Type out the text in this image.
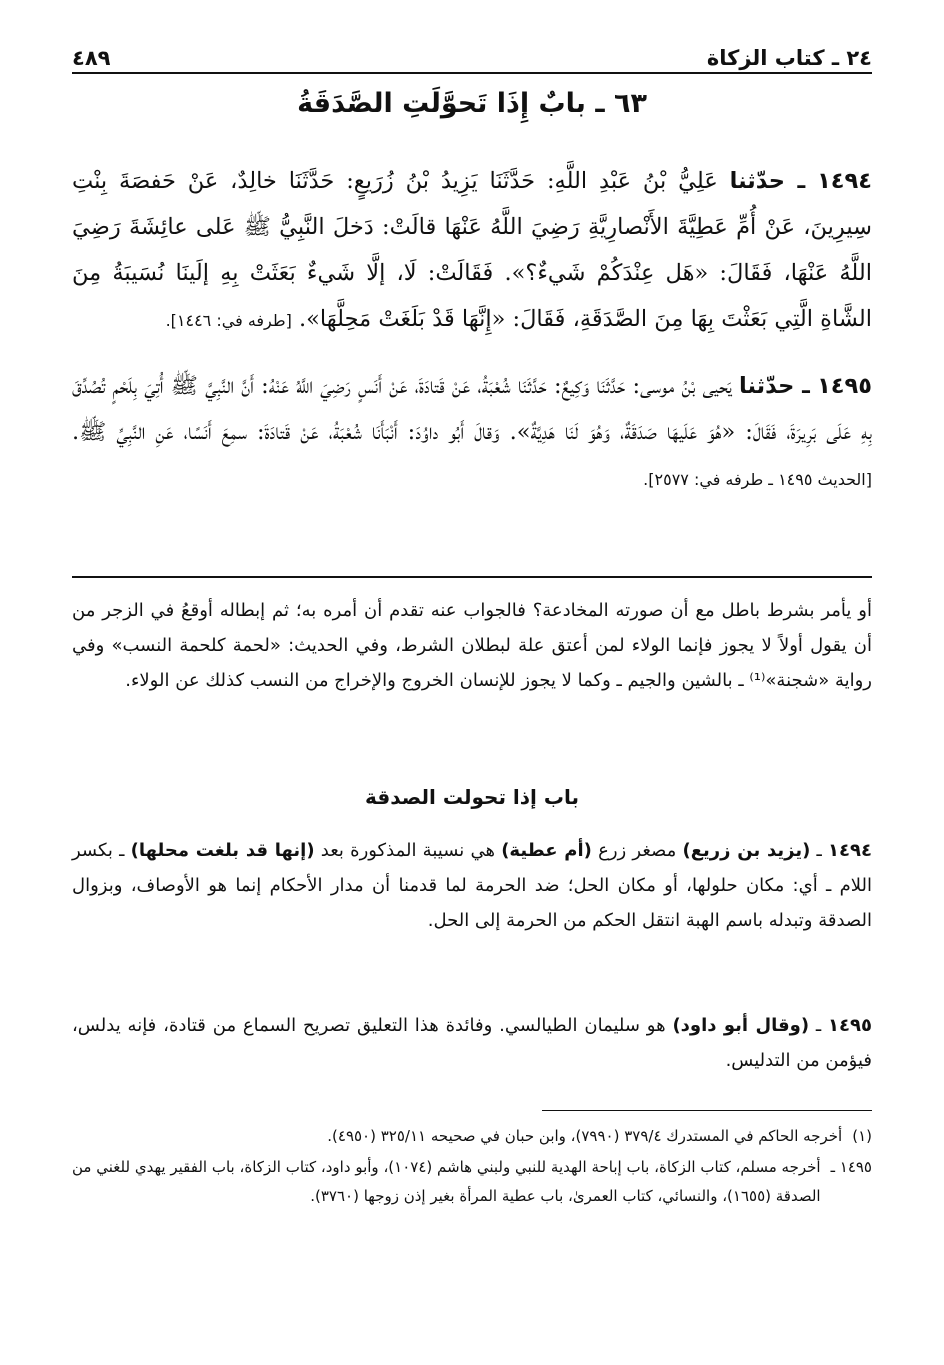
٢٤ ـ كتاب الزكاة
٤٨٩
٦٣ ـ بابٌ إِذَا تَحوَّلَتِ الصَّدَقَةُ
١٤٩٤ ـ حدّثنا عَلِيُّ بْنُ عَبْدِ اللَّهِ: حَدَّثَنَا يَزِيدُ بْنُ زُرَيعٍ: حَدَّثَنَا خالِدٌ، عَنْ حَفصَةَ بِنْتِ سِيرِينَ، عَنْ أُمِّ عَطِيَّةَ الأَنْصارِيَّةِ رَضِيَ اللَّهُ عَنْهَا قالَتْ: دَخلَ النَّبِيُّ ﷺ عَلى عائِشَةَ رَضِيَ اللَّهُ عَنْهَا، فَقَالَ: «هَل عِنْدَكُمْ شَيءٌ؟». فَقَالَتْ: لَا، إلَّا شَيءٌ بَعَثَتْ بِهِ إلَينَا نُسَيبَةُ مِنَ الشَّاةِ الَّتِي بَعَثْتَ بِهَا مِنَ الصَّدَقَةِ، فَقَالَ: «إِنَّهَا قَدْ بَلَغَتْ مَحِلَّهَا». [طرفه في: ١٤٤٦].
١٤٩٥ ـ حدّثنا يَحيى بْنُ موسى: حَدَّثَنَا وَكِيعٌ: حَدَّثَنَا شُعْبَةُ، عَنْ قَتادَةَ، عَنْ أَنَسٍ رَضِيَ اللَّهُ عَنْهُ: أَنَّ النَّبِيَّ ﷺ أُتِيَ بِلَحْمٍ تُصُدِّقَ بِهِ عَلَى بَرِيرَةَ، فَقَالَ: «هُوَ عَلَيهَا صَدَقَةٌ، وَهُوَ لَنَا هَدِيَّةٌ». وَقالَ أَبُو داوُدَ: أَنْبَأَنَا شُعْبَةُ، عَنْ قَتادَةَ: سمِعَ أَنَسًا، عَنِ النَّبِيِّ ﷺ. [الحديث ١٤٩٥ ـ طرفه في: ٢٥٧٧].
أو يأمر بشرط باطل مع أن صورته المخادعة؟ فالجواب عنه تقدم أن أمره به؛ ثم إبطاله أوقعُ في الزجر من أن يقول أولاً لا يجوز فإنما الولاء لمن أعتق علة لبطلان الشرط، وفي الحديث: «لحمة كلحمة النسب» وفي رواية «شجنة»⁽¹⁾ ـ بالشين والجيم ـ وكما لا يجوز للإنسان الخروج والإخراج من النسب كذلك عن الولاء.
باب إذا تحولت الصدقة
١٤٩٤ ـ (يزيد بن زريع) مصغر زرع (أم عطية) هي نسيبة المذكورة بعد (إنها قد بلغت محلها) ـ بكسر اللام ـ أي: مكان حلولها، أو مكان الحل؛ ضد الحرمة لما قدمنا أن مدار الأحكام إنما هو الأوصاف، وبزوال الصدقة وتبدله باسم الهبة انتقل الحكم من الحرمة إلى الحل.
١٤٩٥ ـ (وقال أبو داود) هو سليمان الطيالسي. وفائدة هذا التعليق تصريح السماع من قتادة، فإنه يدلس، فيؤمن من التدليس.
(١)
أخرجه الحاكم في المستدرك ٣٧٩/٤ (٧٩٩٠)، وابن حبان في صحيحه ٣٢٥/١١ (٤٩٥٠).
١٤٩٥ ـ
أخرجه مسلم، كتاب الزكاة، باب إباحة الهدية للنبي ولبني هاشم (١٠٧٤)، وأبو داود، كتاب الزكاة، باب الفقير يهدي للغني من الصدقة (١٦٥٥)، والنسائي، كتاب العمرىٰ، باب عطية المرأة بغير إذن زوجها (٣٧٦٠).
